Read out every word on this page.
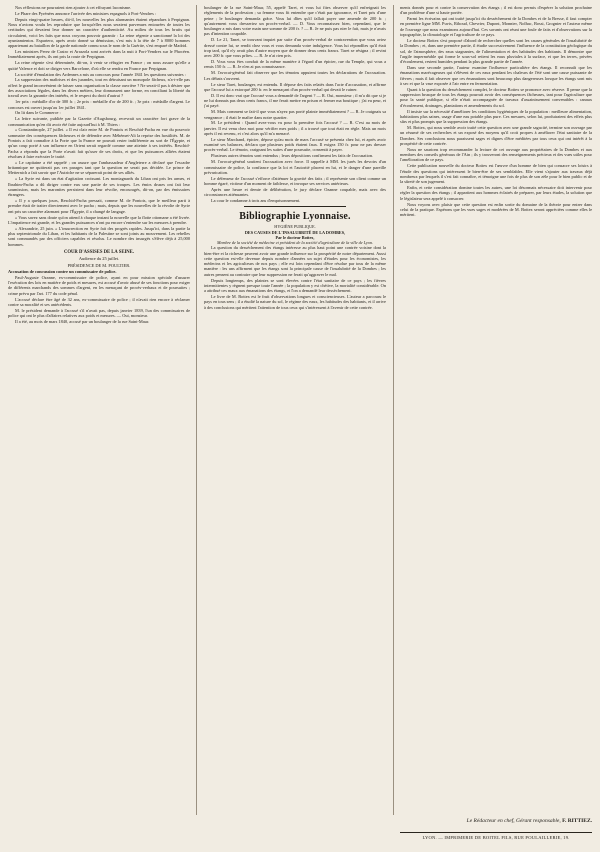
Nos réflexions ne pourraient rien ajouter à cet effrayant laconisme.

Le Phare des Pyrénées annonce l'arrivée des ministres espagnols à Port-Vendres :

Depuis vingt-quatre heures, dit-il, les nouvelles les plus alarmantes étaient répandues à Perpignan. Nous n'avions voulu les reproduire que lorsqu'elles nous seraient parvenues entourées de toutes les certitudes qui devaient leur donner un caractère d'authenticité. Au milieu de tous les bruits qui circulaient, voici les faits que nous croyons pouvoir garantir : La reine régente a sanctionné la loi des ayuntamientos. Espartero, après avoir donné sa démission, s'est mis à la tête de 7 à 8000 hommes appartenant au bataillon de la garde nationale connu sous le nom de la Guérite, s'est emparé de Madrid.

Les ministres Perez de Castro et Arrazola sont arrivés dans la nuit à Port-Vendres sur le Phocéen. Immédiatement après, ils ont pris la route de Perpignan.

La reine régente s'est déterminée, dit-on, à venir se réfugier en France ; on nous assure qu'elle a quitté Valence et doit se diriger vers Barcelone, d'où elle se rendra en France par Perpignan.

La société d'émulation des Ardennes a mis au concours pour l'année 1841 les questions suivantes :

La suppression des maîtrises et des jurandes, tout en détruisant un monopole fâcheux, n'a-t-elle pas offert le grand inconvénient de laisser sans organisation la classe ouvrière ? Ne serait-il pas à désirer que des associations légales, dans les divers métiers, leur donnassent une forme, en conciliant la liberté du travail avec la garantie des intérêts, et le respect du droit d'autrui ?

1er prix : médaille d'or de 300 fr. ; 2e prix : médaille d'or de 200 fr. ; 3e prix : médaille d'argent. Le concours est ouvert jusqu'au 1er juillet 1841.

On lit dans le Commerce :

La lettre suivante, publiée par la Gazette d'Augsbourg, recevrait un caractère fort grave de la communication qu'en dit avoir été faite aujourd'hui à M. Thiers :

« Constantinople, 27 juillet. « Il est clair entre M. de Pontois et Reschid-Pacha en vue du pourvoir sommaire des conséquences fâcheuses et de défendre avec Méhémet-Ali la reprise des hostilités. M. de Pontois a fait connaître à la Porte que la France ne pouvait rester indifférente au sort de l'Égypte, et qu'un coup porté à son influence en Orient serait regardé comme une atteinte à ses intérêts. Reschid-Pacha a répondu que la Porte n'avait fait qu'user de ses droits, et que les puissances alliées étaient résolues à faire exécuter le traité.

« Le capitaine a été rappelé ; on assure que l'ambassadeur d'Angleterre a déclaré que l'escadre britannique ne quitterait pas ces parages tant que la question ne serait pas décidée. Le prince de Metternich a fait savoir que l'Autriche ne se séparerait point de ses alliés.

« La Syrie est dans un état d'agitation croissant. Les montagnards du Liban ont pris les armes, et Ibrahim-Pacha a dû diriger contre eux une partie de ses troupes. Les émirs druses ont fait leur soumission, mais les maronites persistent dans leur révolte, encouragés, dit-on, par des émissaires étrangers.

« Il y a quelques jours, Reschid-Pacha pressait, comme M. de Pontois, que le meilleur parti à prendre était de traiter directement avec le pacha ; mais, depuis que les nouvelles de la révolte de Syrie ont pris un caractère alarmant pour l'Égypte, il a changé de langage.

« Vous savez sans doute qu'on attend à chaque instant la nouvelle que la flotte ottomane a été livrée. L'impatience est grande, et les grandes puissances n'ont pu encore s'entendre sur les mesures à prendre.

« Alexandrie, 25 juin. « L'insurrection en Syrie fait des progrès rapides. Jusqu'ici, dans la partie la plus septentrionale du Liban, et les habitants de la Palestine se sont joints au mouvement. Les rebelles sont commandés par des officiers capables et résolus. Le nombre des insurgés s'élève déjà à 25,000 hommes.

COUR D'ASSISES DE LA SEINE.
Audience du 25 juillet.
PRÉSIDENCE DE M. POULTIER.

Accusation de concussion contre un commissaire de police.

Paul-Auguste Ozanne, ex-commissaire de police, ayant en pour mission spéciale d'assurer l'exécution des lois en matière de poids et mesures, est accusé d'avoir abusé de ses fonctions pour exiger de différents marchands des sommes d'argent, en les menaçant de procès-verbaux et de poursuites ; crime prévu par l'art. 177 du code pénal.

L'accusé déclare être âgé de 32 ans, ex-commissaire de police ; il n'avait rien encore à réclamer contre sa moralité et ses antécédents.

M. le président demande à l'accusé s'il n'avait pas, depuis janvier 1839, l'un des commissaires de police qui ont le plus d'affaires relatives aux poids et mesures. — Oui, monsieur.

Il a été, au mois de mars 1840, accusé par un boulanger de la rue Saint-Maur.

boulanger de la rue Saint-Maur, 55, appelé Taret, et vous lui fites observer qu'il enfreignait les règlements de la profession ; sa femme vous fit entendre que c'était par ignorance, et Taret pris d'une peine ; le boulanger demanda grâce. Vous lui dîtes qu'il fallait payer une amende de 200 fr. ; qu'autrement vous dresseriez un procès-verbal. — D. Vous reconnaissez bien, cependant, que le boulanger a mis dans votre main une somme de 200 fr. ? — R. Je ne puis pas nier le fait, mais je n'avais pas d'intention coupable.

D. Le 21, Tanet, se trouvant inquiet par suite d'un procès-verbal de contravention que vous aviez dressé contre lui, se rendit chez vous et vous demanda votre indulgence. Vous lui répondîtes qu'il était trop tard, qu'il n'y avait plus d'autre moyen que de donner deux cents francs. Taret se résigna ; il revint avec 200 fr. que vous prîtes. — R. Je n'ai rien pris.

D. Vous vous êtes conduit de la même manière à l'égard d'un épicier, rue du Temple, qui vous a remis 150 fr. — R. Je n'en ai pas connaissance.

M. l'avocat-général fait observer que les témoins appuient toutes les déclarations de l'accusation. Les débats s'ouvrent.

Le sieur Taret, boulanger, est entendu. Il dépose des faits relatés dans l'acte d'accusation, et affirme que l'accusé lui a extorqué 200 fr. en le menaçant d'un procès-verbal qui devait le ruiner.

D. Il est donc vrai que l'accusé vous a demandé de l'argent ? — R. Oui, monsieur ; il m'a dit que si je ne lui donnais pas deux cents francs, il me ferait mettre en prison et fermer ma boutique ; j'ai eu peur, et j'ai payé.

M. Mais comment se fait-il que vous n'ayez pas porté plainte immédiatement ? — R. Je craignais sa vengeance ; il était le maître dans notre quartier.

M. Le président : Quand avez-vous vu pour la première fois l'accusé ? — R. C'est au mois de janvier. Il est venu chez moi pour vérifier mes poids ; il a trouvé que tout était en règle. Mais un mois après il est revenu, et c'est alors qu'il m'a menacé.

Le sieur Marchand, épicier, dépose qu'au mois de mars l'accusé se présenta chez lui, et après avoir examiné ses balances, déclara que plusieurs poids étaient faux. Il exigea 150 fr. pour ne pas dresser procès-verbal. Le témoin, craignant les suites d'une poursuite, consentit à payer.

Plusieurs autres témoins sont entendus ; leurs dépositions confirment les faits de l'accusation.

M. l'avocat-général soutient l'accusation avec force. Il rappelle à MM. les jurés les devoirs d'un commissaire de police, la confiance que la loi et l'autorité placent en lui, et le danger d'une pareille prévarication.

Le défenseur de l'accusé s'efforce d'atténuer la gravité des faits ; il représente son client comme un homme égaré, victime d'un moment de faiblesse, et invoque ses services antérieurs.

Après une heure et demie de délibération, le jury déclare Ozanne coupable, mais avec des circonstances atténuantes.

La cour le condamne à trois ans d'emprisonnement.

Bibliographie Lyonnaise.
HYGIÈNE PUBLIQUE.
DES CAUSES DE L'INSALUBRITÉ DE LA DOMBES,
Par le docteur Bottex,
Membre de la société de médecine et président de la société d'agriculture de la ville de Lyon.

La question du desséchement des étangs intéresse au plus haut point une contrée voisine dont la bien-être et la richesse peuvent avoir une grande influence sur la prospérité de notre département. Aussi cette question est-elle devenue depuis nombre d'années un sujet d'études pour les économistes, les médecins et les agriculteurs de nos pays ; elle est loin cependant d'être résolue par tous de la même manière : les uns affirment que les étangs sont la principale cause de l'insalubrité de la Dombes ; les autres pensent au contraire que leur suppression ne ferait qu'aggraver le mal.

Depuis longtemps, des plaintes se sont élevées contre l'état sanitaire de ce pays ; les fièvres intermittentes y règnent presque toute l'année ; la population y est chétive, la mortalité considérable. On a attribué ces maux aux émanations des étangs, et l'on a demandé leur dessèchement.

Le livre de M. Bottex est le fruit d'observations longues et consciencieuses. L'auteur a parcouru le pays en tous sens ; il a étudié la nature du sol, le régime des eaux, les habitudes des habitants, et il arrive à des conclusions qui méritent l'attention de tous ceux qui s'intéressent à l'avenir de cette contrée.

ments donnés pour et contre la conservation des étangs ; il est donc permis d'espérer la solution prochaine d'un problème d'une si haute portée.

Parmi les écrivains qui ont traité jusqu'ici du desséchement de la Dombes et de la Bresse, il faut compter en première ligne MM. Puvis, Riboud, Chevrier, Dupont, Monnier, Nolhac, Bossi, Grognier et l'auteur même de l'ouvrage que nous examinons aujourd'hui. Ces savants ont réuni une foule de faits et d'observations sur la topographie, la climatologie et l'agriculture de ce pays.

Le docteur Bottex s'est proposé d'abord de rechercher quelles sont les causes générales de l'insalubrité de la Dombes ; et, dans une première partie, il étudie successivement l'influence de la constitution géologique du sol, de l'atmosphère, des eaux stagnantes, de l'alimentation et des habitudes des habitants. Il démontre que l'argile imperméable qui forme le sous-sol retient les eaux pluviales à la surface, et que les terres, privées d'écoulement, restent humides pendant la plus grande partie de l'année.

Dans une seconde partie, l'auteur examine l'influence particulière des étangs. Il reconnaît que les émanations marécageuses qui s'élèvent de ces eaux pendant les chaleurs de l'été sont une cause puissante de fièvres ; mais il fait observer que ces émanations sont beaucoup plus dangereuses lorsque les étangs sont mis à sec et que la vase exposée à l'air entre en fermentation.

Quant à la question du desséchement complet, le docteur Bottex se prononce avec réserve. Il pense que la suppression brusque de tous les étangs pourrait avoir des conséquences fâcheuses, tant pour l'agriculture que pour la santé publique, si elle n'était accompagnée de travaux d'assainissement convenables : canaux d'écoulement, drainages, plantations et amendements du sol.

Il insiste sur la nécessité d'améliorer les conditions hygiéniques de la population : meilleure alimentation, habitations plus saines, usage d'une eau potable plus pure. Ces mesures, selon lui, produiraient des effets plus sûrs et plus prompts que la suppression des étangs.

M. Bottex, qui nous semble avoir traité cette question avec une grande sagacité, termine son ouvrage par un résumé de ses recherches et un exposé des moyens qu'il croit propres à améliorer l'état sanitaire de la Dombes. Ses conclusions nous paraissent sages et dignes d'être méditées par tous ceux qui ont intérêt à la prospérité de cette contrée.

Nous ne saurions trop recommander la lecture de cet ouvrage aux propriétaires de la Dombes et aux membres des conseils généraux de l'Ain ; ils y trouveront des renseignements précieux et des vues utiles pour l'amélioration de ce pays.

Cette publication nouvelle du docteur Bottex est l'œuvre d'un homme de bien qui consacre ses loisirs à l'étude des questions qui intéressent le bien-être de ses semblables. Elle vient s'ajouter aux travaux déjà nombreux par lesquels il s'est fait connaître, et témoigne une fois de plus de son zèle pour le bien public et de la sûreté de son jugement.

Enfin, et cette considération domine toutes les autres, une loi désormais nécessaire doit intervenir pour régler la question des étangs ; il appartient aux hommes éclairés de préparer, par leurs études, la solution que le législateur sera appelé à consacrer.

Nous voyons avec plaisir que cette question est enfin sortie du domaine de la théorie pour entrer dans celui de la pratique. Espérons que les vues sages et modérées de M. Bottex seront appréciées comme elles le méritent.

Le Rédacteur en chef, Gérant responsable, F. RITTIEZ.
LYON. — IMPRIMERIE DE BOITEL FILS, RUE POULAILLERIE, 19.
